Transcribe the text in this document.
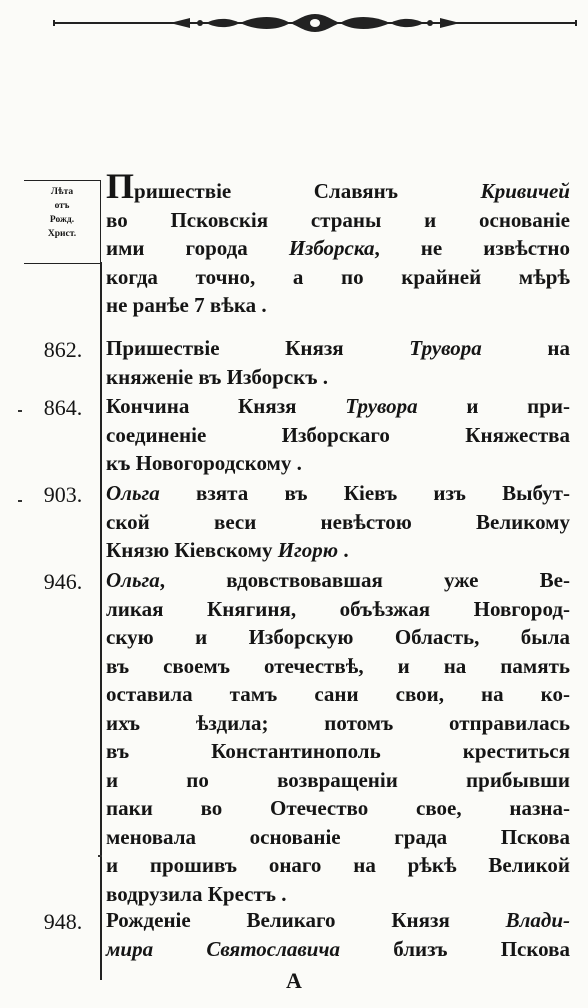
Лѣта
отъ
Рожд.
Христ.
Пришествіе Славянъ Кривичей
во Псковскія страны и основаніе
ими города Изборска, не извѣстно
когда точно, а по крайней мѣрѣ
не ранѣе 7 вѣка .
862.	Пришествіе Князя Трувора на
княженіе въ Изборскъ .
864.	Кончина Князя Трувора и при-
соединеніе Изборскаго Княжества
къ Новогородскому .
903.	Ольга взята въ Кіевъ изъ Выбут-
ской веси невѣстою Великому
Князю Кіевскому Игорю .
946.	Ольга, вдовствовавшая уже Ве-
ликая Княгиня, объѣзжая Новгород-
скую и Изборскую Область, была
въ своемъ отечествѣ, и на память
оставила тамъ сани свои, на ко-
ихъ ѣздила; потомъ отправилась
въ Константинополь креститься
и по возвращеніи прибывши
паки во Отечество свое, назна-
меновала основаніе града Пскова
и прошивъ онаго на рѣкѣ Великой
водрузила Крестъ .
948.	Рожденіе Великаго Князя Влади-
мира Святославича близъ Пскова
A
